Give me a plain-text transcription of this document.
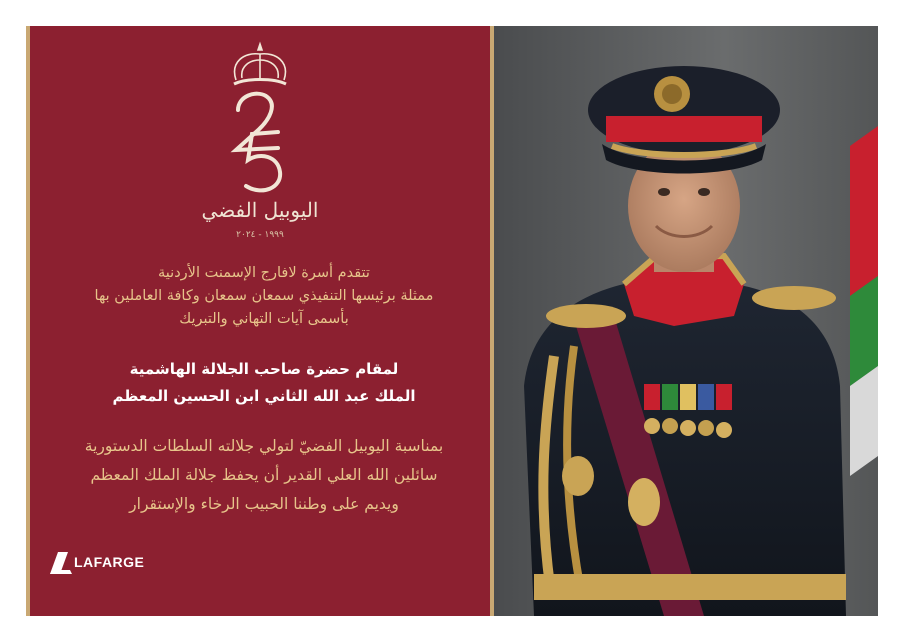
اليوبيل الفضي
١٩٩٩ - ٢٠٢٤
تتقدم أسرة لافارج الإسمنت الأردنية
ممثلة برئيسها التنفيذي سمعان سمعان وكافة العاملين بها
بأسمى آيات التهاني والتبريك
لمقام حضرة صاحب الجلالة الهاشمية
الملك عبد الله الثاني ابن الحسين المعظم
بمناسبة اليوبيل الفضيّ لتولي جلالته السلطات الدستورية
سائلين الله العلي القدير أن يحفظ جلالة الملك المعظم
ويديم على وطننا الحبيب الرخاء والإستقرار
LAFARGE
